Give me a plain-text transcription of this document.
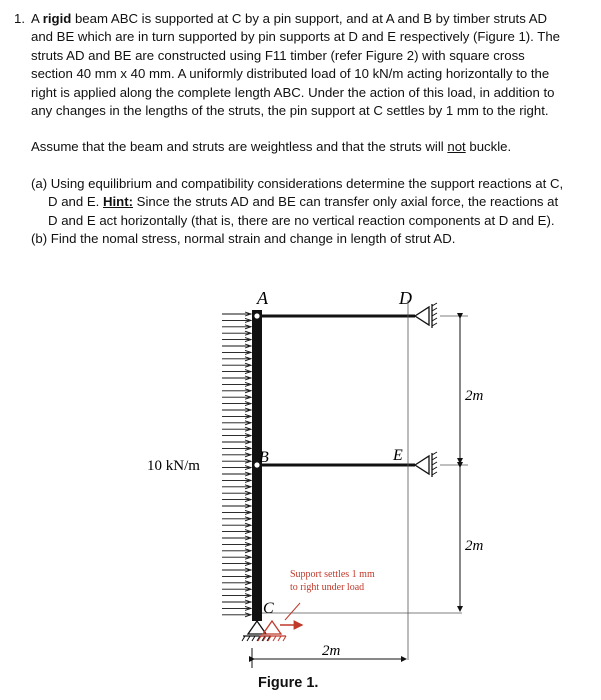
1. A rigid beam ABC is supported at C by a pin support, and at A and B by timber struts AD
and BE which are in turn supported by pin supports at D and E respectively (Figure 1). The
struts AD and BE are constructed using F11 timber (refer Figure 2) with square cross
section 40 mm x 40 mm. A uniformly distributed load of 10 kN/m acting horizontally to the
right is applied along the complete length ABC. Under the action of this load, in addition to
any changes in the lengths of the struts, the pin support at C settles by 1 mm to the right.
Assume that the beam and struts are weightless and that the struts will not buckle.
(a) Using equilibrium and compatibility considerations determine the support reactions at C,
D and E. Hint: Since the struts AD and BE can transfer only axial force, the reactions at
D and E act horizontally (that is, there are no vertical reaction components at D and E).
(b) Find the nomal stress, normal strain and change in length of strut AD.
A	D
B	E
C
10 kN/m
2m
2m
2m
Support settles 1 mm
to right under load
Figure 1.
